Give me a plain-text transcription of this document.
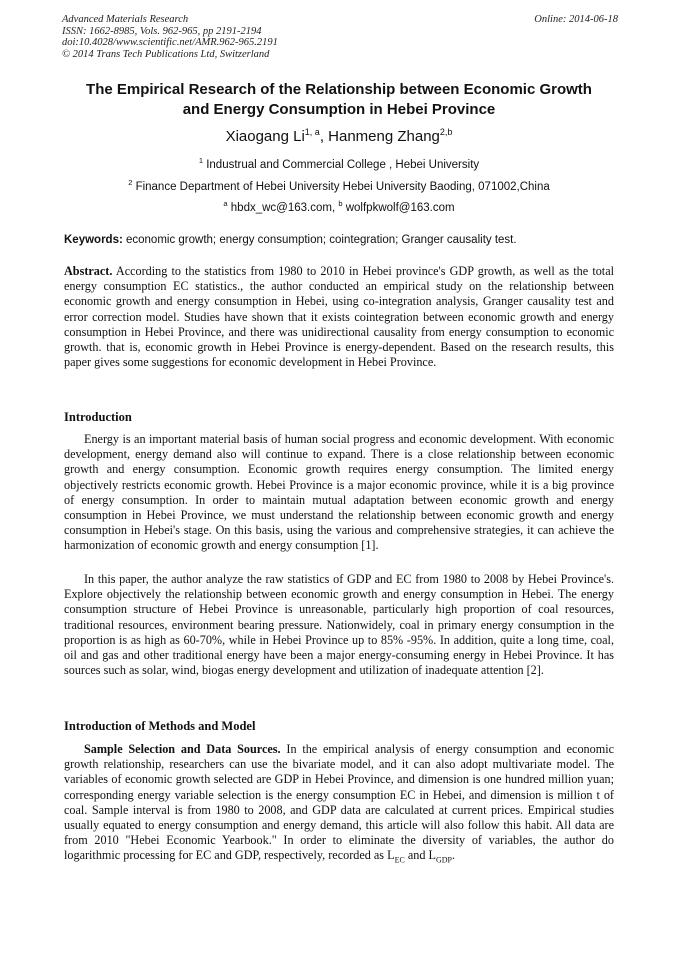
Advanced Materials Research
ISSN: 1662-8985, Vols. 962-965, pp 2191-2194
doi:10.4028/www.scientific.net/AMR.962-965.2191
© 2014 Trans Tech Publications Ltd, Switzerland
Online: 2014-06-18
The Empirical Research of the Relationship between Economic Growth
and Energy Consumption in Hebei Province
Xiaogang Li$^{1, a}$, Hanmeng Zhang$^{2,b}$
$^1$ Industrual and Commercial College , Hebei University
$^2$ Finance Department of Hebei University Hebei University Baoding, 071002,China
$^a$ hbdx_wc@163.com, $^b$ wolfpkwolf@163.com
Keywords: economic growth; energy consumption; cointegration; Granger causality test.
Abstract. According to the statistics from 1980 to 2010 in Hebei province's GDP growth, as well as the total energy consumption EC statistics., the author conducted an empirical study on the relationship between economic growth and energy consumption in Hebei, using co-integration analysis, Granger causality test and error correction model. Studies have shown that it exists cointegration between economic growth and energy consumption in Hebei Province, and there was unidirectional causality from energy consumption to economic growth. that is, economic growth in Hebei Province is energy-dependent. Based on the research results, this paper gives some suggestions for economic development in Hebei Province.
Introduction
Energy is an important material basis of human social progress and economic development. With economic development, energy demand also will continue to expand. There is a close relationship between economic growth and energy consumption. Economic growth requires energy consumption. The limited energy objectively restricts economic growth. Hebei Province is a major economic province, while it is a big province of energy consumption. In order to maintain mutual adaptation between economic growth and energy consumption in Hebei Province, we must understand the relationship between economic growth and energy consumption in Hebei's stage. On this basis, using the various and comprehensive strategies, it can achieve the harmonization of economic growth and energy consumption [1].
In this paper, the author analyze the raw statistics of GDP and EC from 1980 to 2008 by Hebei Province's. Explore objectively the relationship between economic growth and energy consumption in Hebei. The energy consumption structure of Hebei Province is unreasonable, particularly high proportion of coal resources, traditional resources, environment bearing pressure. Nationwidely, coal in primary energy consumption in the proportion is as high as 60-70%, while in Hebei Province up to 85% -95%. In addition, quite a long time, coal, oil and gas and other traditional energy have been a major energy-consuming energy in Hebei Province. It has sources such as solar, wind, biogas energy development and utilization of inadequate attention [2].
Introduction of Methods and Model
Sample Selection and Data Sources. In the empirical analysis of energy consumption and economic growth relationship, researchers can use the bivariate model, and it can also adopt multivariate model. The variables of economic growth selected are GDP in Hebei Province, and dimension is one hundred million yuan; corresponding energy variable selection is the energy consumption EC in Hebei, and dimension is million t of coal. Sample interval is from 1980 to 2008, and GDP data are calculated at current prices. Empirical studies usually equated to energy consumption and energy demand, this article will also follow this habit. All data are from 2010 "Hebei Economic Yearbook." In order to eliminate the diversity of variables, the author do logarithmic processing for EC and GDP, respectively, recorded as $L_{EC}$ and $L_{GDP}$.
